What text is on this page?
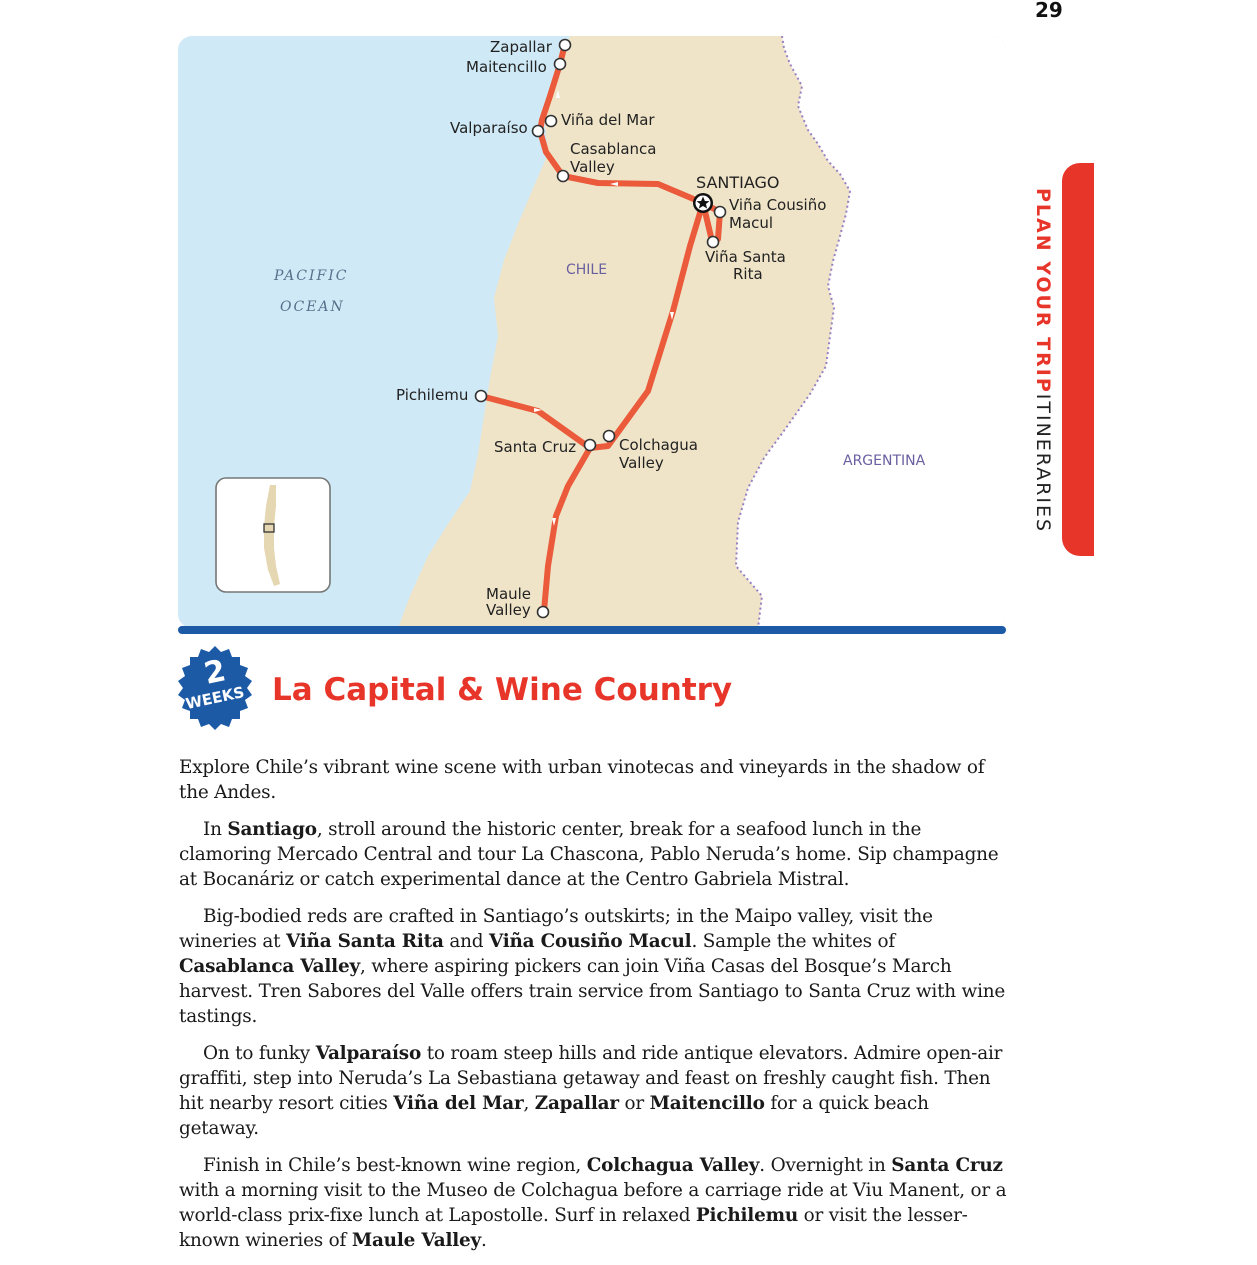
29
PLAN YOUR TRIPITINERARIES
PACIFIC
OCEAN
CHILE
ARGENTINA
Zapallar
Maitencillo
Viña del Mar
Valparaíso
Casablanca
Valley
SANTIAGO
Viña Cousiño
Macul
Viña Santa
Rita
Pichilemu
Santa Cruz	Colchagua
Valley
Maule
Valley
2
WEEKS La Capital & Wine Country

Explore Chile’s vibrant wine scene with urban vinotecas and vineyards in the shadow of the Andes.

In Santiago, stroll around the historic center, break for a seafood lunch in the clamoring Mercado Central and tour La Chascona, Pablo Neruda’s home. Sip champagne at Bocanáriz or catch experimental dance at the Centro Gabriela Mistral.

Big-bodied reds are crafted in Santiago’s outskirts; in the Maipo valley, visit the wineries at Viña Santa Rita and Viña Cousiño Macul. Sample the whites of Casablanca Valley, where aspiring pickers can join Viña Casas del Bosque’s March harvest. Tren Sabores del Valle offers train service from Santiago to Santa Cruz with wine tastings.

On to funky Valparaíso to roam steep hills and ride antique elevators. Admire open-air graffiti, step into Neruda’s La Sebastiana getaway and feast on freshly caught fish. Then hit nearby resort cities Viña del Mar, Zapallar or Maitencillo for a quick beach getaway.

Finish in Chile’s best-known wine region, Colchagua Valley. Overnight in Santa Cruz with a morning visit to the Museo de Colchagua before a carriage ride at Viu Manent, or a world-class prix-fixe lunch at Lapostolle. Surf in relaxed Pichilemu or visit the lesser-known wineries of Maule Valley.
